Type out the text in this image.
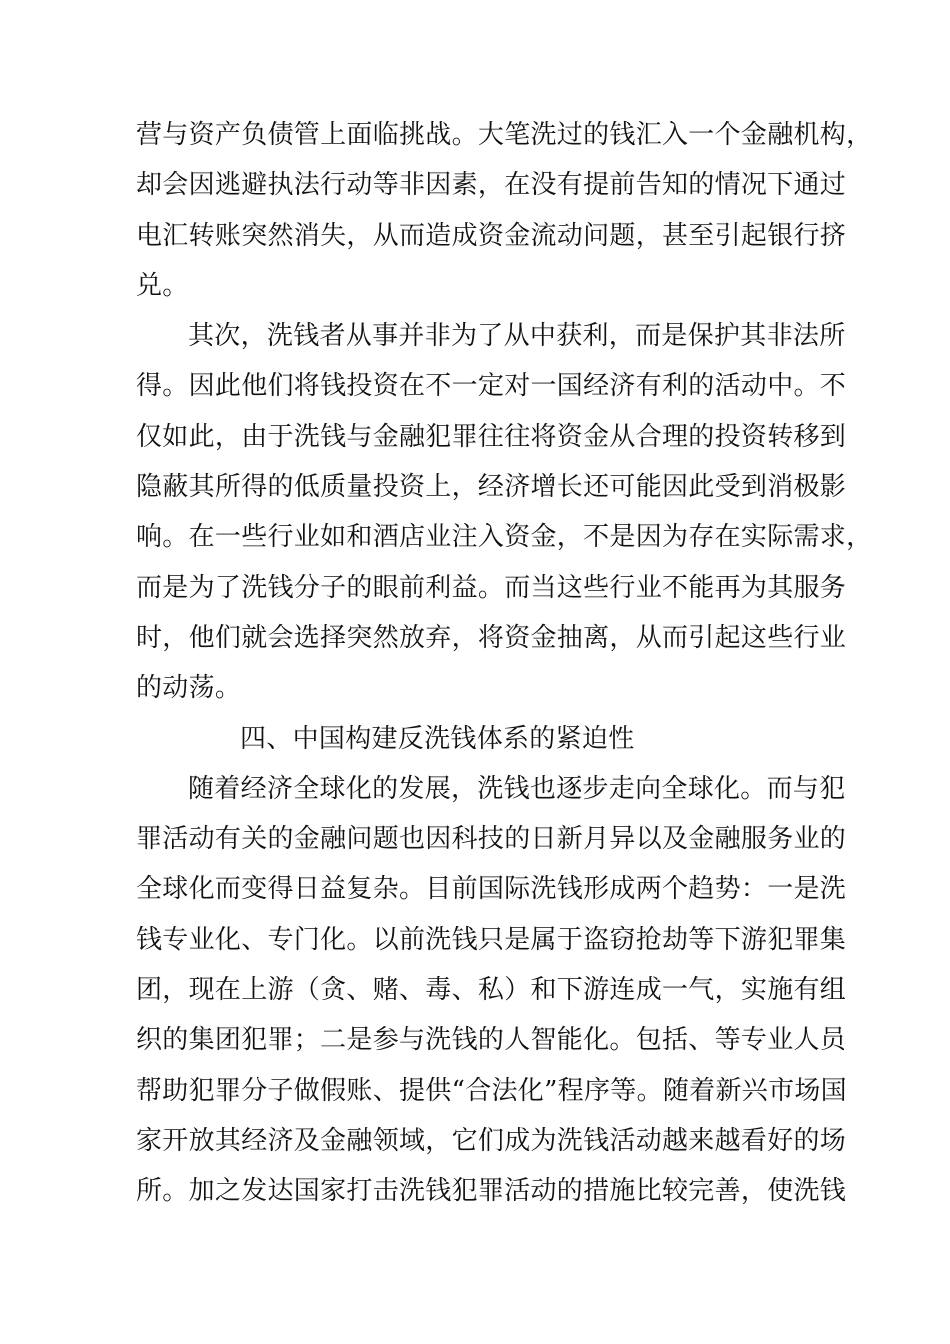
营与资产负债管上面临挑战。大笔洗过的钱汇入一个金融机构，
却会因逃避执法行动等非因素，在没有提前告知的情况下通过
电汇转账突然消失，从而造成资金流动问题，甚至引起银行挤
兑。
其次，洗钱者从事并非为了从中获利，而是保护其非法所
得。因此他们将钱投资在不一定对一国经济有利的活动中。不
仅如此，由于洗钱与金融犯罪往往将资金从合理的投资转移到
隐蔽其所得的低质量投资上，经济增长还可能因此受到消极影
响。在一些行业如和酒店业注入资金，不是因为存在实际需求，
而是为了洗钱分子的眼前利益。而当这些行业不能再为其服务
时，他们就会选择突然放弃，将资金抽离，从而引起这些行业
的动荡。
四、中国构建反洗钱体系的紧迫性
随着经济全球化的发展，洗钱也逐步走向全球化。而与犯
罪活动有关的金融问题也因科技的日新月异以及金融服务业的
全球化而变得日益复杂。目前国际洗钱形成两个趋势：一是洗
钱专业化、专门化。以前洗钱只是属于盗窃抢劫等下游犯罪集
团，现在上游（贪、赌、毒、私）和下游连成一气，实施有组
织的集团犯罪；二是参与洗钱的人智能化。包括、等专业人员
帮助犯罪分子做假账、提供“合法化”程序等。随着新兴市场国
家开放其经济及金融领域，它们成为洗钱活动越来越看好的场
所。加之发达国家打击洗钱犯罪活动的措施比较完善，使洗钱
